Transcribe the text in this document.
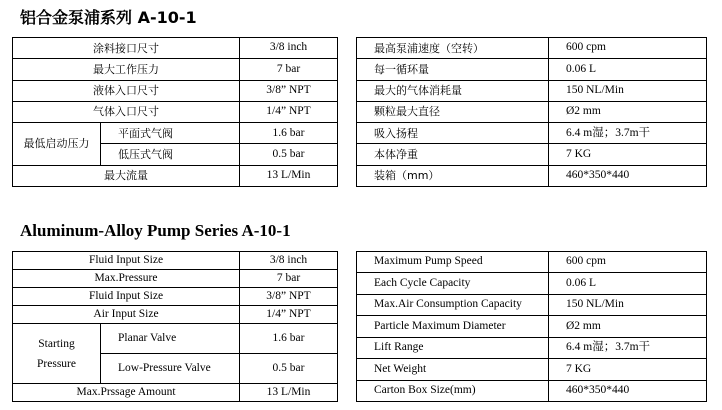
铝合金泵浦系列 A-10-1
涂料接口尺寸		3/8 inch
最大工作压力		7 bar
液体入口尺寸		3/8” NPT
气体入口尺寸		1/4” NPT
最低启动压力	平面式气阀	1.6 bar
	低压式气阀	0.5 bar
最大流量		13 L/Min
最高泵浦速度（空转）	600 cpm
每一循环量	0.06 L
最大的气体消耗量	150 NL/Min
颗粒最大直径	Ø2 mm
吸入扬程	6.4 m湿；3.7m干
本体净重	7 KG
装箱（mm）	460*350*440
Aluminum-Alloy Pump Series A-10-1
Fluid Input Size		3/8 inch
Max.Pressure		7 bar
Fluid Input Size		3/8” NPT
Air Input Size		1/4” NPT

Starting
Pressure	Planar Valve	1.6 bar
	Low-Pressure Valve	0.5 bar
Max.Prssage Amount		13 L/Min
Maximum Pump Speed	600 cpm
Each Cycle Capacity	0.06 L
Max.Air Consumption Capacity	150 NL/Min
Particle Maximum Diameter	Ø2 mm
Lift Range	6.4 m湿；3.7m干
Net Weight	7 KG
Carton Box Size(mm)	460*350*440
